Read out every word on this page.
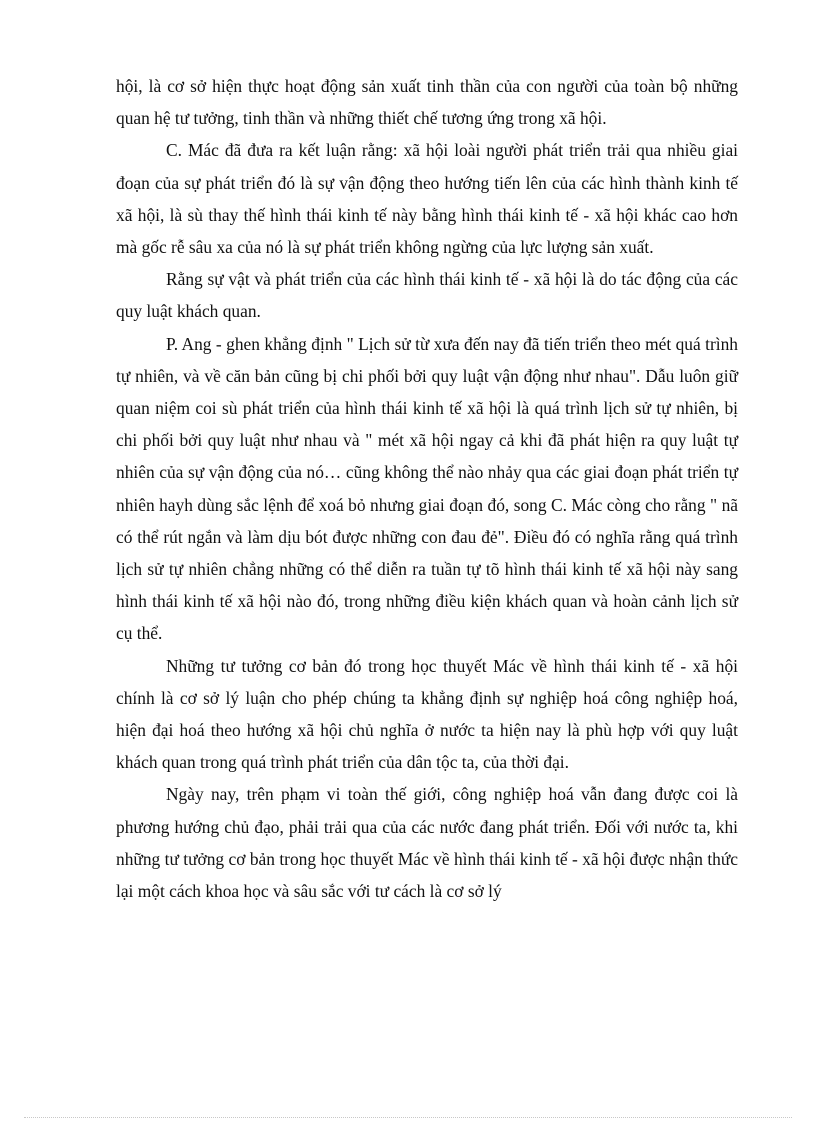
hội, là cơ sở hiện thực hoạt động sản xuất tinh thần của con người của toàn bộ những quan hệ tư tưởng, tinh thần và những thiết chế tương ứng trong xã hội.

C. Mác đã đưa ra kết luận rằng: xã hội loài người phát triển trải qua nhiều giai đoạn của sự phát triển đó là sự vận động theo hướng tiến lên của các hình thành kinh tế xã hội, là sù thay thế hình thái kinh tế này bằng hình thái kinh tế - xã hội khác cao hơn mà gốc rễ sâu xa của nó là sự phát triển không ngừng của lực lượng sản xuất.

Rằng sự vật và phát triển của các hình thái kinh tế - xã hội là do tác động của các quy luật khách quan.

P. Ang - ghen khẳng định " Lịch sử từ xưa đến nay đã tiến triển theo mét quá trình tự nhiên, và về căn bản cũng bị chi phối bởi quy luật vận động như nhau". Dẫu luôn giữ quan niệm coi sù phát triển của hình thái kinh tế xã hội là quá trình lịch sử tự nhiên, bị chi phối bởi quy luật như nhau và " mét xã hội ngay cả khi đã phát hiện ra quy luật tự nhiên của sự vận động của nó… cũng không thể nào nhảy qua các giai đoạn phát triển tự nhiên hayh dùng sắc lệnh để xoá bỏ nhưng giai đoạn đó, song C. Mác còng cho rằng " nã có thể rút ngắn và làm dịu bót được những con đau đẻ". Điều đó có nghĩa rằng quá trình lịch sử tự nhiên chẳng những có thể diễn ra tuần tự tõ hình thái kinh tế xã hội này sang hình thái kinh tế xã hội nào đó, trong những điều kiện khách quan và hoàn cảnh lịch sử cụ thể.

Những tư tưởng cơ bản đó trong học thuyết Mác về hình thái kinh tế - xã hội chính là cơ sở lý luận cho phép chúng ta khẳng định sự nghiệp hoá công nghiệp hoá, hiện đại hoá theo hướng xã hội chủ nghĩa ở nước ta hiện nay là phù hợp với quy luật khách quan trong quá trình phát triển của dân tộc ta, của thời đại.

Ngày nay, trên phạm vi toàn thế giới, công nghiệp hoá vẫn đang được coi là phương hướng chủ đạo, phải trải qua của các nước đang phát triển. Đối với nước ta, khi những tư tưởng cơ bản trong học thuyết Mác về hình thái kinh tế - xã hội được nhận thức lại một cách khoa học và sâu sắc với tư cách là cơ sở lý
